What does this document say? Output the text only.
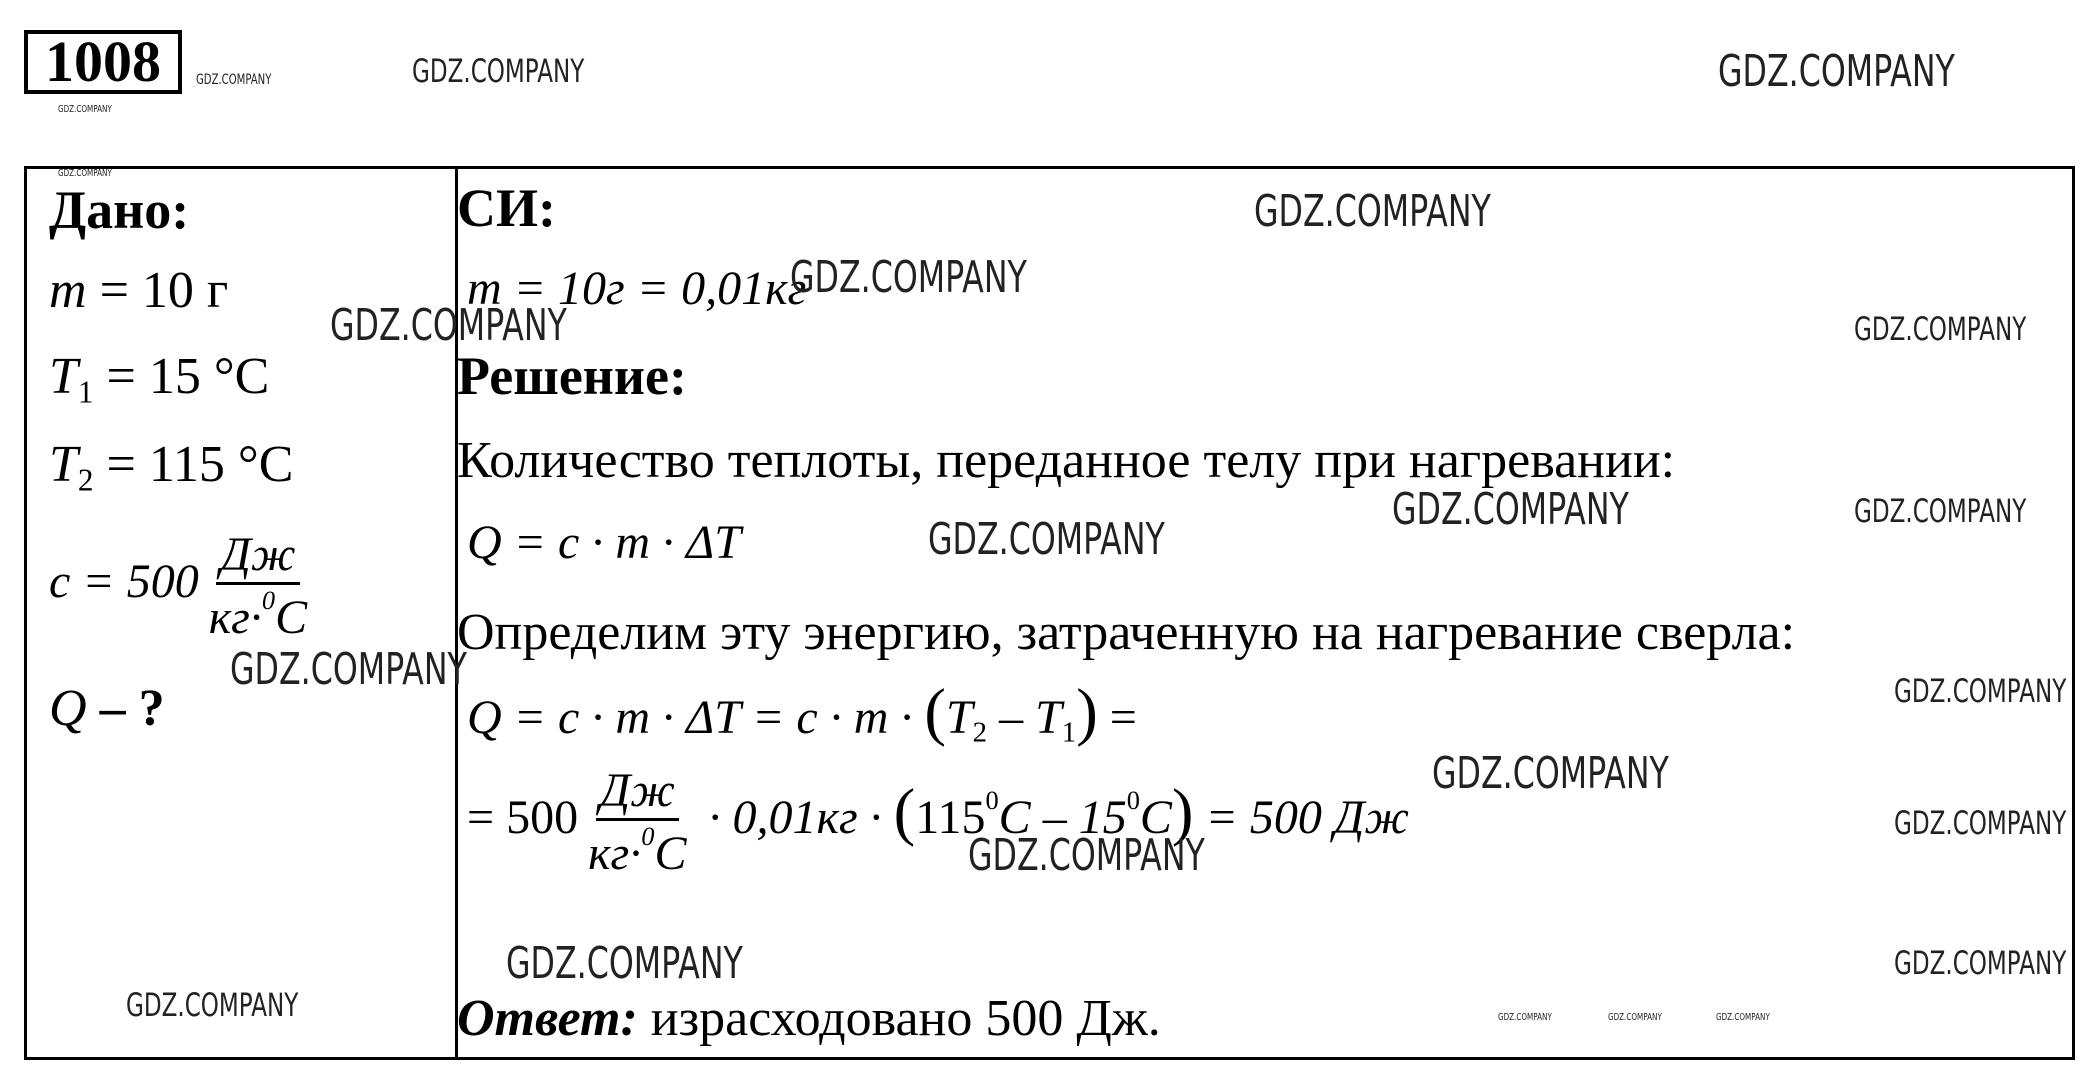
1008
Дано:
m = 10 г
$T_1 = 15$ °C
$T_2 = 115$ °C
$c = 500 \frac{Дж}{кг\cdot^0C}$
Q – ?
СИ:
m = 10г = 0,01кг
Решение:
Количество теплоты, переданное телу при нагревании:
Q = c · m · ΔT
Определим эту энергию, затраченную на нагревание сверла:
$Q = c \cdot m \cdot \Delta T = c \cdot m \cdot (T_2 - T_1)$ =
= $500 \frac{Дж}{кг\cdot^0C} \cdot 0,01кг \cdot (115^0C - 15^0C) = 500$ Дж
Ответ: израсходовано 500 Дж.
GDZ.COMPANY
GDZ.COMPANY
GDZ.COMPANY	GDZ.COMPANY
GDZ.COMPANY
GDZ.COMPANY
GDZ.COMPANY
GDZ.COMPANY	GDZ.COMPANY
GDZ.COMPANY	GDZ.COMPANY
GDZ.COMPANY
GDZ.COMPANY	GDZ.COMPANY
GDZ.COMPANY
GDZ.COMPANY
GDZ.COMPANY
GDZ.COMPANY	GDZ.COMPANY
GDZ.COMPANY	GDZ.COMPANY	GDZ.COMPANY	GDZ.COMPANY
